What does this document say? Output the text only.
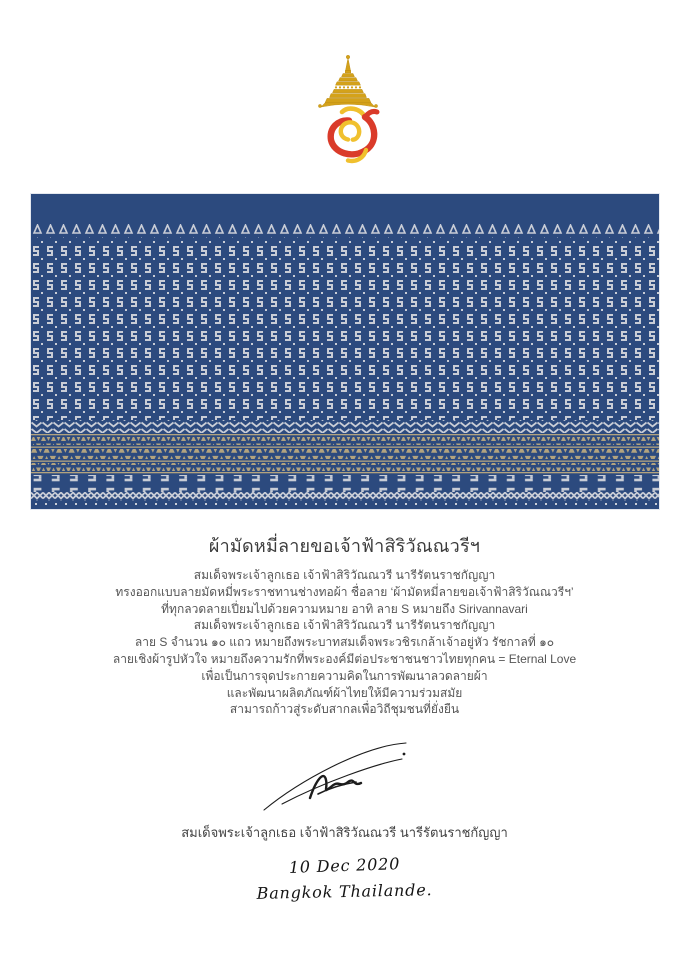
ผ้ามัดหมี่ลายขอเจ้าฟ้าสิริวัณณวรีฯ
สมเด็จพระเจ้าลูกเธอ เจ้าฟ้าสิริวัณณวรี นารีรัตนราชกัญญา
ทรงออกแบบลายมัดหมี่พระราชทานช่างทอผ้า ชื่อลาย ‘ผ้ามัดหมี่ลายขอเจ้าฟ้าสิริวัณณวรีฯ’
ที่ทุกลวดลายเปี่ยมไปด้วยความหมาย อาทิ ลาย S หมายถึง Sirivannavari
สมเด็จพระเจ้าลูกเธอ เจ้าฟ้าสิริวัณณวรี นารีรัตนราชกัญญา
ลาย S จำนวน ๑๐ แถว หมายถึงพระบาทสมเด็จพระวชิรเกล้าเจ้าอยู่หัว รัชกาลที่ ๑๐
ลายเชิงผ้ารูปหัวใจ หมายถึงความรักที่พระองค์มีต่อประชาชนชาวไทยทุกคน = Eternal Love
เพื่อเป็นการจุดประกายความคิดในการพัฒนาลวดลายผ้า
และพัฒนาผลิตภัณฑ์ผ้าไทยให้มีความร่วมสมัย
สามารถก้าวสู่ระดับสากลเพื่อวิถีชุมชนที่ยั่งยืน
สมเด็จพระเจ้าลูกเธอ เจ้าฟ้าสิริวัณณวรี นารีรัตนราชกัญญา
10 Dec 2020
Bangkok Thailande.
